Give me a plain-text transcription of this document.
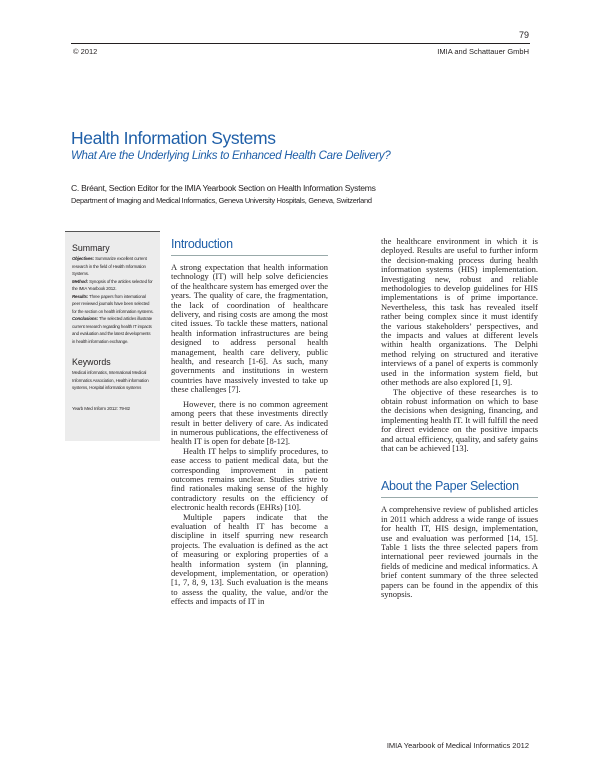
79
© 2012	IMIA and Schattauer GmbH
Health Information Systems
What Are the Underlying Links to Enhanced Health Care Delivery?
C. Bréant, Section Editor for the IMIA Yearbook Section on Health Information Systems
Department of Imaging and Medical Informatics, Geneva University Hospitals, Geneva, Switzerland
Summary

Objectives: Summarize excellent current research in the field of Health Information Systems.

Method: Synopsis of the articles selected for the IMIA Yearbook 2012.

Results: Three papers from international peer reviewed journals have been selected for the section on health information systems.

Conclusions: The selected articles illustrate current research regarding health IT impacts and evaluation and the latest developments in health information exchange.

Keywords

Medical informatics, International Medical Informatics Association, Health information systems, Hospital information systems

Yearb Med Inform 2012: 79-82

Introduction

A strong expectation that health information technology (IT) will help solve deficiencies of the healthcare system has emerged over the years. The quality of care, the fragmentation, the lack of coordination of healthcare delivery, and rising costs are among the most cited issues. To tackle these matters, national health information infrastructures are being designed to address personal health management, health care delivery, public health, and research [1-6]. As such, many governments and institutions in western countries have massively invested to take up these challenges [7].

However, there is no common agreement among peers that these investments directly result in better delivery of care. As indicated in numerous publications, the effectiveness of health IT is open for debate [8-12].

Health IT helps to simplify procedures, to ease access to patient medical data, but the corresponding improvement in patient outcomes remains unclear. Studies strive to find rationales making sense of the highly contradictory results on the efficiency of electronic health records (EHRs) [10].

Multiple papers indicate that the evaluation of health IT has become a discipline in itself spurring new research projects. The evaluation is defined as the act of measuring or exploring properties of a health information system (in planning, development, implementation, or operation) [1, 7, 8, 9, 13]. Such evaluation is the means to assess the quality, the value, and/or the effects and impacts of IT in

the healthcare environment in which it is deployed. Results are useful to further inform the decision-making process during health information systems (HIS) implementation. Investigating new, robust and reliable methodologies to develop guidelines for HIS implementations is of prime importance. Nevertheless, this task has revealed itself rather being complex since it must identify the various stakeholders’ perspectives, and the impacts and values at different levels within health organizations. The Delphi method relying on structured and iterative interviews of a panel of experts is commonly used in the information system field, but other methods are also explored [1, 9].

The objective of these researches is to obtain robust information on which to base the decisions when designing, financing, and implementing health IT. It will fulfill the need for direct evidence on the positive impacts and actual efficiency, quality, and safety gains that can be achieved [13].

About the Paper Selection

A comprehensive review of published articles in 2011 which address a wide range of issues for health IT, HIS design, implementation, use and evaluation was performed [14, 15]. Table 1 lists the three selected papers from international peer reviewed journals in the fields of medicine and medical informatics. A brief content summary of the three selected papers can be found in the appendix of this synopsis.

IMIA Yearbook of Medical Informatics 2012
